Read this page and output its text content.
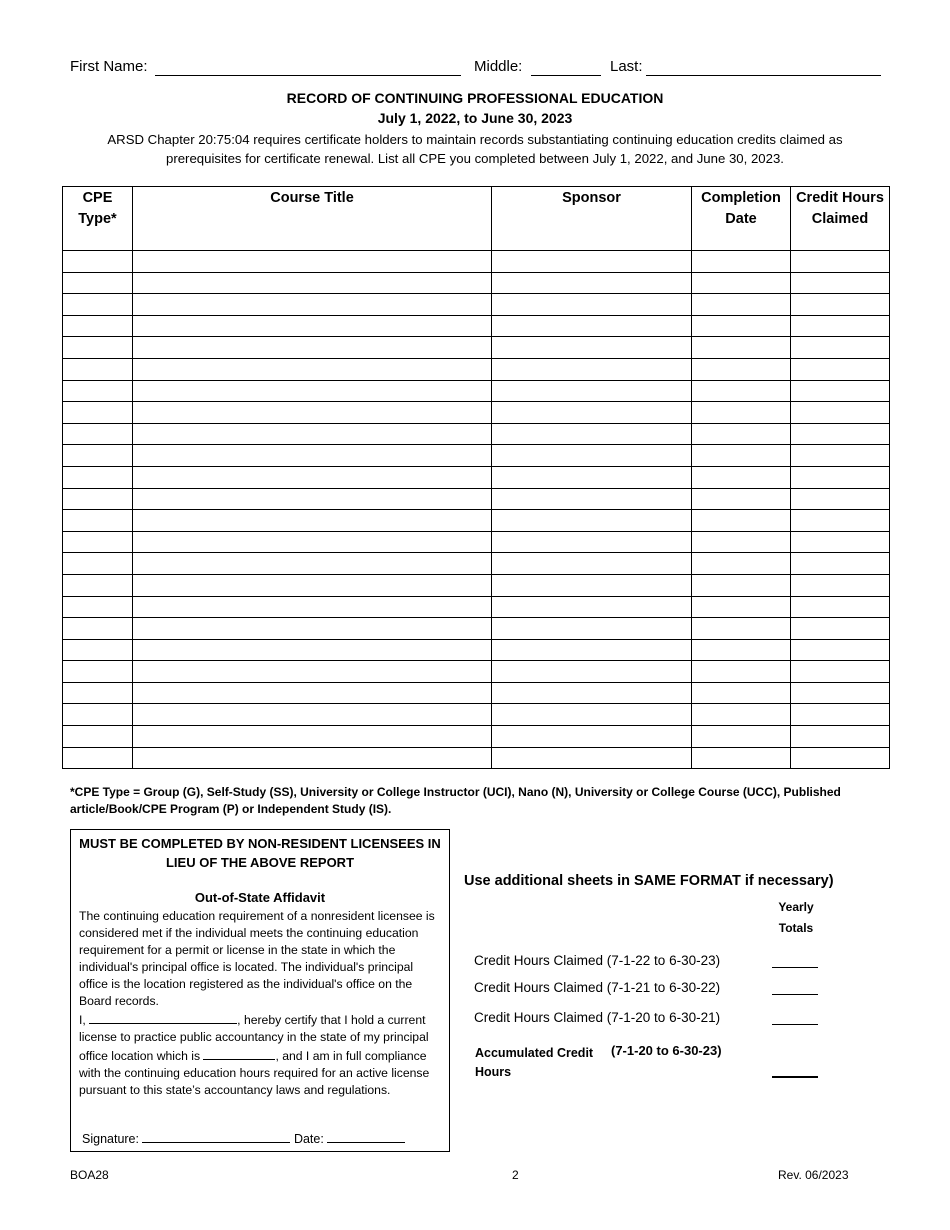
First Name:	Middle:	Last:
RECORD OF CONTINUING PROFESSIONAL EDUCATION
July 1, 2022, to June 30, 2023
ARSD Chapter 20:75:04 requires certificate holders to maintain records substantiating continuing education credits claimed as prerequisites for certificate renewal. List all CPE you completed between July 1, 2022, and June 30, 2023.
CPE Type*	Course Title	Sponsor	Completion Date	Credit Hours Claimed

*CPE Type = Group (G), Self-Study (SS), University or College Instructor (UCI), Nano (N), University or College Course (UCC), Published article/Book/CPE Program (P) or Independent Study (IS).
MUST BE COMPLETED BY NON-RESIDENT LICENSEES IN LIEU OF THE ABOVE REPORT
Out-of-State Affidavit
The continuing education requirement of a nonresident licensee is considered met if the individual meets the continuing education requirement for a permit or license in the state in which the individual's principal office is located. The individual's principal office is the location registered as the individual's office on the Board records.
I,	, hereby certify that I hold a current license to practice public accountancy in the state of my principal office location which is	, and I am in full compliance with the continuing education hours required for an active license pursuant to this state’s accountancy laws and regulations.
Signature:	Date:
Use additional sheets in SAME FORMAT if necessary)
Yearly
Totals
Credit Hours Claimed (7-1-22 to 6-30-23)
Credit Hours Claimed (7-1-21 to 6-30-22)
Credit Hours Claimed (7-1-20 to 6-30-21)
Accumulated Credit
Hours
(7-1-20 to 6-30-23)
BOA28	2	Rev. 06/2023
